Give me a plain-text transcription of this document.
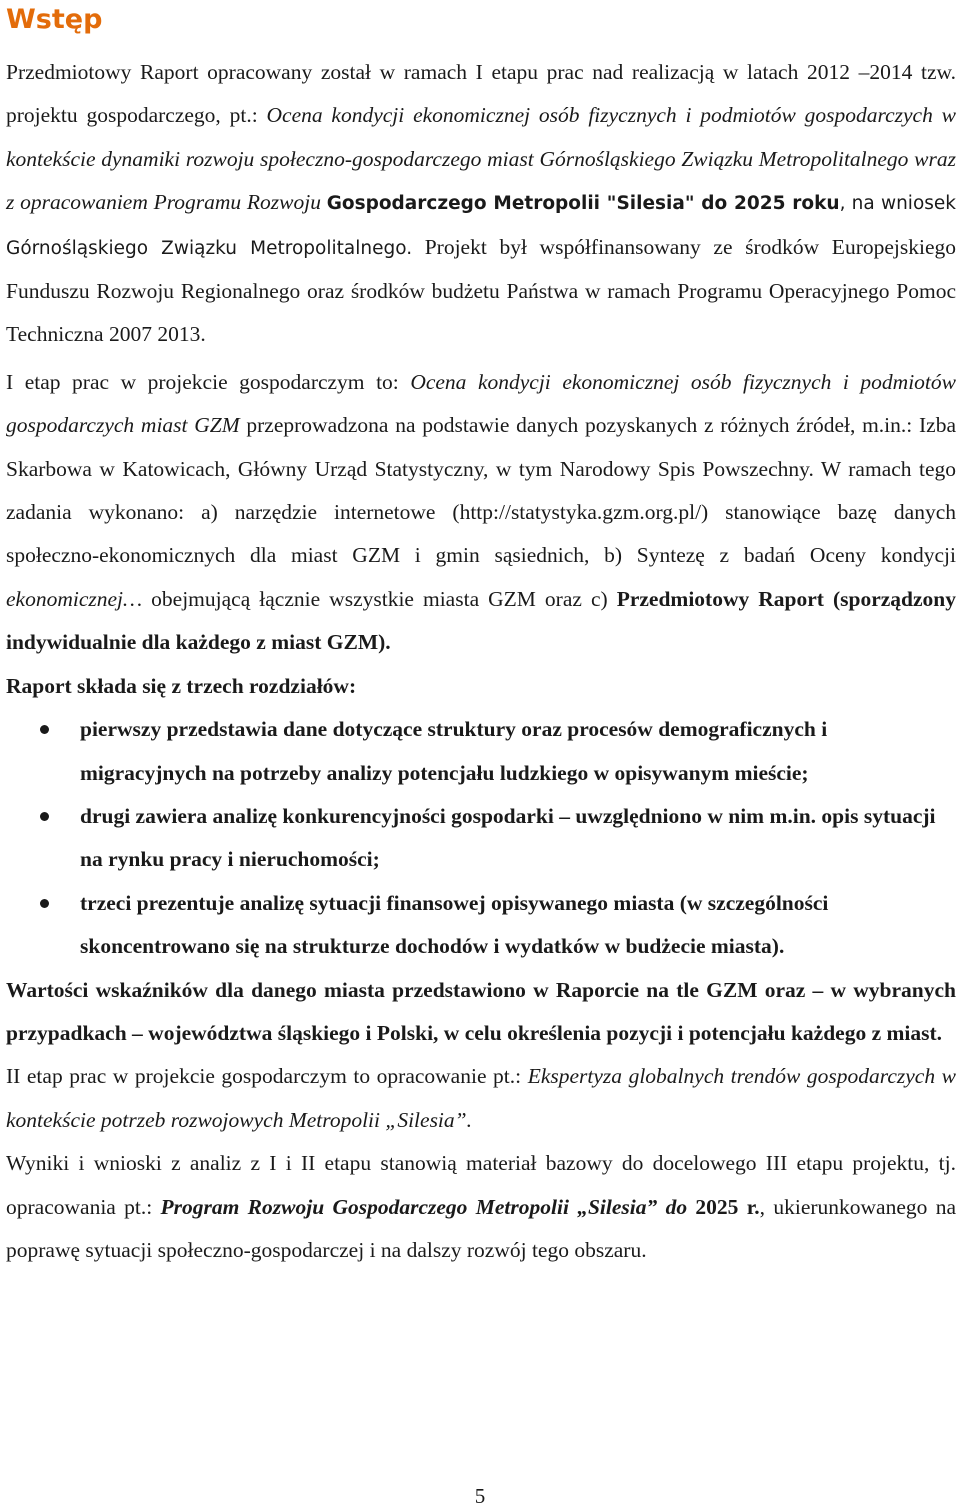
Wstęp

Przedmiotowy Raport opracowany został w ramach I etapu prac nad realizacją w latach 2012 –2014 tzw. projektu gospodarczego, pt.: Ocena kondycji ekonomicznej osób fizycznych i podmiotów gospodarczych w kontekście dynamiki rozwoju społeczno-gospodarczego miast Górnośląskiego Związku Metropolitalnego wraz z opracowaniem Programu Rozwoju Gospodarczego Metropolii "Silesia" do 2025 roku, na wniosek Górnośląskiego Związku Metropolitalnego. Projekt był współfinansowany ze środków Europejskiego Funduszu Rozwoju Regionalnego oraz środków budżetu Państwa w ramach Programu Operacyjnego Pomoc Techniczna 2007 2013.

I etap prac w projekcie gospodarczym to: Ocena kondycji ekonomicznej osób fizycznych i podmiotów gospodarczych miast GZM przeprowadzona na podstawie danych pozyskanych z różnych źródeł, m.in.: Izba Skarbowa w Katowicach, Główny Urząd Statystyczny, w tym Narodowy Spis Powszechny. W ramach tego zadania wykonano: a) narzędzie internetowe (http://statystyka.gzm.org.pl/) stanowiące bazę danych społeczno-ekonomicznych dla miast GZM i gmin sąsiednich, b) Syntezę z badań Oceny kondycji ekonomicznej… obejmującą łącznie wszystkie miasta GZM oraz c) Przedmiotowy Raport (sporządzony indywidualnie dla każdego z miast GZM).

Raport składa się z trzech rozdziałów:

pierwszy przedstawia dane dotyczące struktury oraz procesów demograficznych i migracyjnych na potrzeby analizy potencjału ludzkiego w opisywanym mieście;
drugi zawiera analizę konkurencyjności gospodarki – uwzględniono w nim m.in. opis sytuacji na rynku pracy i nieruchomości;
trzeci prezentuje analizę sytuacji finansowej opisywanego miasta (w szczególności skoncentrowano się na strukturze dochodów i wydatków w budżecie miasta).

Wartości wskaźników dla danego miasta przedstawiono w Raporcie na tle GZM oraz – w wybranych przypadkach – województwa śląskiego i Polski, w celu określenia pozycji i potencjału każdego z miast.

II etap prac w projekcie gospodarczym to opracowanie pt.: Ekspertyza globalnych trendów gospodarczych w kontekście potrzeb rozwojowych Metropolii „Silesia”.

Wyniki i wnioski z analiz z I i II etapu stanowią materiał bazowy do docelowego III etapu projektu, tj. opracowania pt.: Program Rozwoju Gospodarczego Metropolii „Silesia” do 2025 r., ukierunkowanego na poprawę sytuacji społeczno-gospodarczej i na dalszy rozwój tego obszaru.

5
